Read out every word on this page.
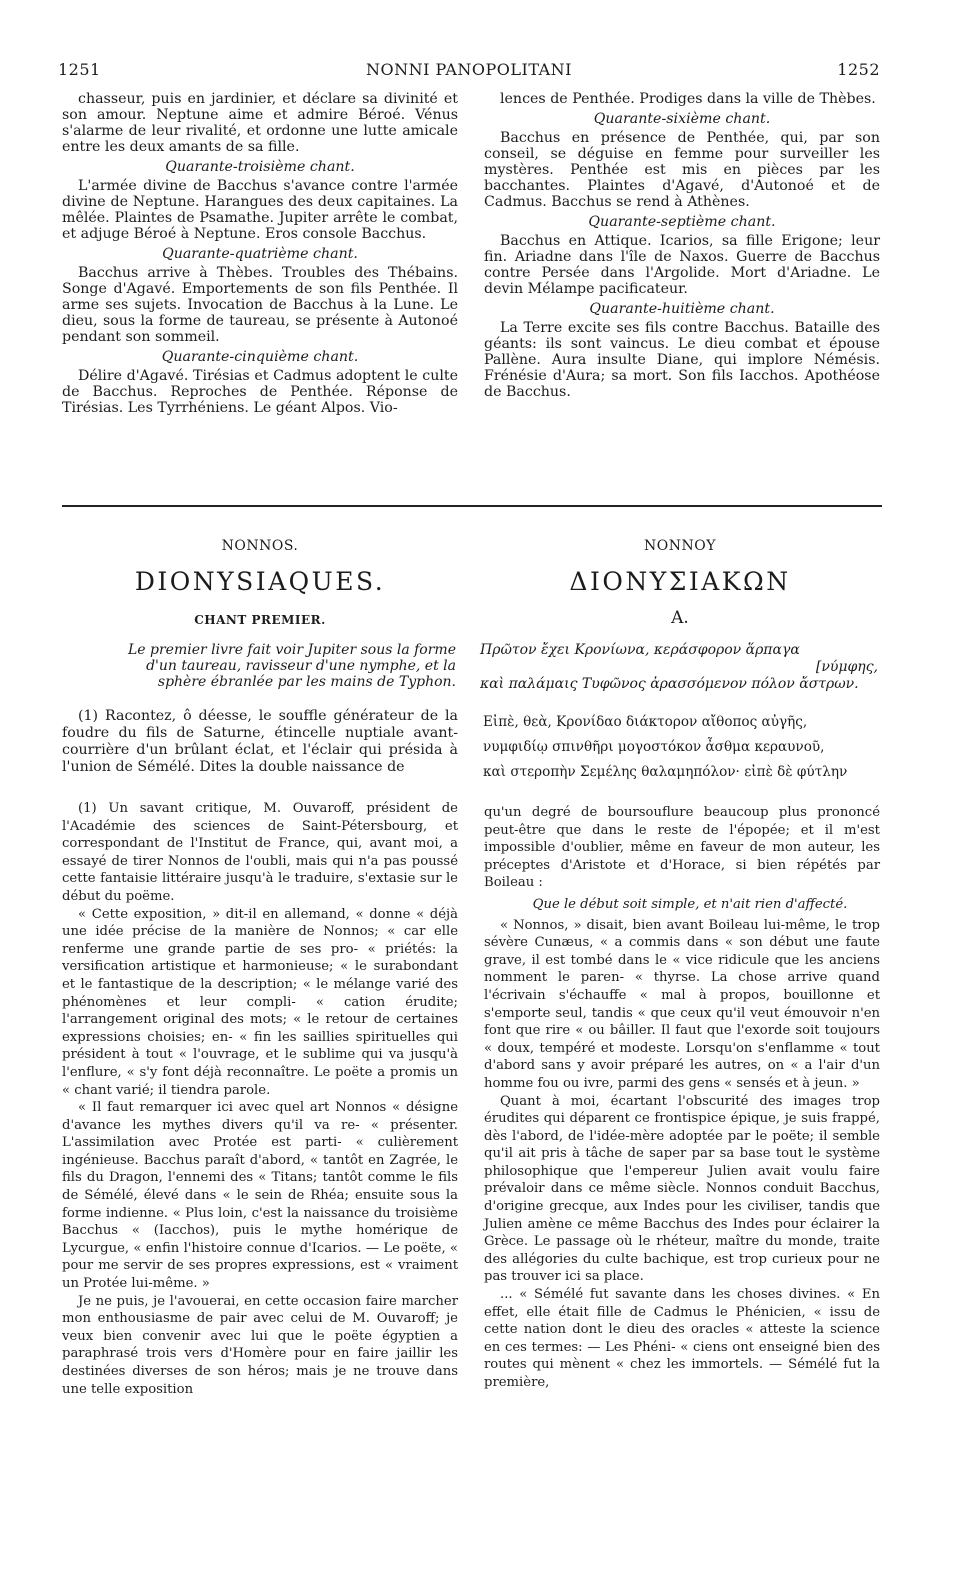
1251	NONNI PANOPOLITANI	1252

chasseur, puis en jardinier, et déclare sa divinité et son amour. Neptune aime et admire Béroé. Vénus s'alarme de leur rivalité, et ordonne une lutte amicale entre les deux amants de sa fille.

Quarante-troisième chant.

L'armée divine de Bacchus s'avance contre l'armée divine de Neptune. Harangues des deux capitaines. La mêlée. Plaintes de Psamathe. Jupiter arrête le combat, et adjuge Béroé à Neptune. Eros console Bacchus.

Quarante-quatrième chant.

Bacchus arrive à Thèbes. Troubles des Thébains. Songe d'Agavé. Emportements de son fils Penthée. Il arme ses sujets. Invocation de Bacchus à la Lune. Le dieu, sous la forme de taureau, se présente à Autonoé pendant son sommeil.

Quarante-cinquième chant.

Délire d'Agavé. Tirésias et Cadmus adoptent le culte de Bacchus. Reproches de Penthée. Réponse de Tirésias. Les Tyrrhéniens. Le géant Alpos. Vio-

lences de Penthée. Prodiges dans la ville de Thèbes.

Quarante-sixième chant.

Bacchus en présence de Penthée, qui, par son conseil, se déguise en femme pour surveiller les mystères. Penthée est mis en pièces par les bacchantes. Plaintes d'Agavé, d'Autonoé et de Cadmus. Bacchus se rend à Athènes.

Quarante-septième chant.

Bacchus en Attique. Icarios, sa fille Erigone; leur fin. Ariadne dans l'île de Naxos. Guerre de Bacchus contre Persée dans l'Argolide. Mort d'Ariadne. Le devin Mélampe pacificateur.

Quarante-huitième chant.

La Terre excite ses fils contre Bacchus. Bataille des géants: ils sont vaincus. Le dieu combat et épouse Pallène. Aura insulte Diane, qui implore Némésis. Frénésie d'Aura; sa mort. Son fils Iacchos. Apothéose de Bacchus.

NONNOS.
DIONYSIAQUES.
CHANT PREMIER.
ΝΟΝΝΟΥ
ΔΙΟΝΥΣΙΑΚΩΝ
Α.
Le premier livre fait voir Jupiter sous la forme d'un taureau, ravisseur d'une nymphe, et la sphère ébranlée par les mains de Typhon.

(1) Racontez, ô déesse, le souffle générateur de la foudre du fils de Saturne, étincelle nuptiale avant-courrière d'un brûlant éclat, et l'éclair qui présida à l'union de Sémélé. Dites la double naissance de

Πρῶτον ἔχει Κρονίωνα, κεράσφορον ἅρπαγα
[νύμφης,
καὶ παλάμαις Τυφῶνος ἀρασσόμενον πόλον ἄστρων.
Εἰπὲ, θεὰ, Κρονίδαο διάκτορον αἴθοπος αὐγῆς,
νυμφιδίῳ σπινθῆρι μογοστόκον ἆσθμα κεραυνοῦ,
καὶ στεροπὴν Σεμέλης θαλαμηπόλον· εἰπὲ δὲ φύτλην

(1) Un savant critique, M. Ouvaroff, président de l'Académie des sciences de Saint-Pétersbourg, et correspondant de l'Institut de France, qui, avant moi, a essayé de tirer Nonnos de l'oubli, mais qui n'a pas poussé cette fantaisie littéraire jusqu'à le traduire, s'extasie sur le début du poëme.

« Cette exposition, » dit-il en allemand, « donne « déjà une idée précise de la manière de Nonnos; « car elle renferme une grande partie de ses pro- « priétés: la versification artistique et harmonieuse; « le surabondant et le fantastique de la description; « le mélange varié des phénomènes et leur compli- « cation érudite; l'arrangement original des mots; « le retour de certaines expressions choisies; en- « fin les saillies spirituelles qui président à tout « l'ouvrage, et le sublime qui va jusqu'à l'enflure, « s'y font déjà reconnaître. Le poëte a promis un « chant varié; il tiendra parole.

« Il faut remarquer ici avec quel art Nonnos « désigne d'avance les mythes divers qu'il va re- « présenter. L'assimilation avec Protée est parti- « culièrement ingénieuse. Bacchus paraît d'abord, « tantôt en Zagrée, le fils du Dragon, l'ennemi des « Titans; tantôt comme le fils de Sémélé, élevé dans « le sein de Rhéa; ensuite sous la forme indienne. « Plus loin, c'est la naissance du troisième Bacchus « (Iacchos), puis le mythe homérique de Lycurgue, « enfin l'histoire connue d'Icarios. — Le poëte, « pour me servir de ses propres expressions, est « vraiment un Protée lui-même. »

Je ne puis, je l'avouerai, en cette occasion faire marcher mon enthousiasme de pair avec celui de M. Ouvaroff; je veux bien convenir avec lui que le poëte égyptien a paraphrasé trois vers d'Homère pour en faire jaillir les destinées diverses de son héros; mais je ne trouve dans une telle exposition

qu'un degré de boursouflure beaucoup plus prononcé peut-être que dans le reste de l'épopée; et il m'est impossible d'oublier, même en faveur de mon auteur, les préceptes d'Aristote et d'Horace, si bien répétés par Boileau :

Que le début soit simple, et n'ait rien d'affecté.

« Nonnos, » disait, bien avant Boileau lui-même, le trop sévère Cunæus, « a commis dans « son début une faute grave, il est tombé dans le « vice ridicule que les anciens nomment le paren- « thyrse. La chose arrive quand l'écrivain s'échauffe « mal à propos, bouillonne et s'emporte seul, tandis « que ceux qu'il veut émouvoir n'en font que rire « ou bâiller. Il faut que l'exorde soit toujours « doux, tempéré et modeste. Lorsqu'on s'enflamme « tout d'abord sans y avoir préparé les autres, on « a l'air d'un homme fou ou ivre, parmi des gens « sensés et à jeun. »

Quant à moi, écartant l'obscurité des images trop érudites qui déparent ce frontispice épique, je suis frappé, dès l'abord, de l'idée-mère adoptée par le poëte; il semble qu'il ait pris à tâche de saper par sa base tout le système philosophique que l'empereur Julien avait voulu faire prévaloir dans ce même siècle. Nonnos conduit Bacchus, d'origine grecque, aux Indes pour les civiliser, tandis que Julien amène ce même Bacchus des Indes pour éclairer la Grèce. Le passage où le rhéteur, maître du monde, traite des allégories du culte bachique, est trop curieux pour ne pas trouver ici sa place.

... « Sémélé fut savante dans les choses divines. « En effet, elle était fille de Cadmus le Phénicien, « issu de cette nation dont le dieu des oracles « atteste la science en ces termes: — Les Phéni- « ciens ont enseigné bien des routes qui mènent « chez les immortels. — Sémélé fut la première,
